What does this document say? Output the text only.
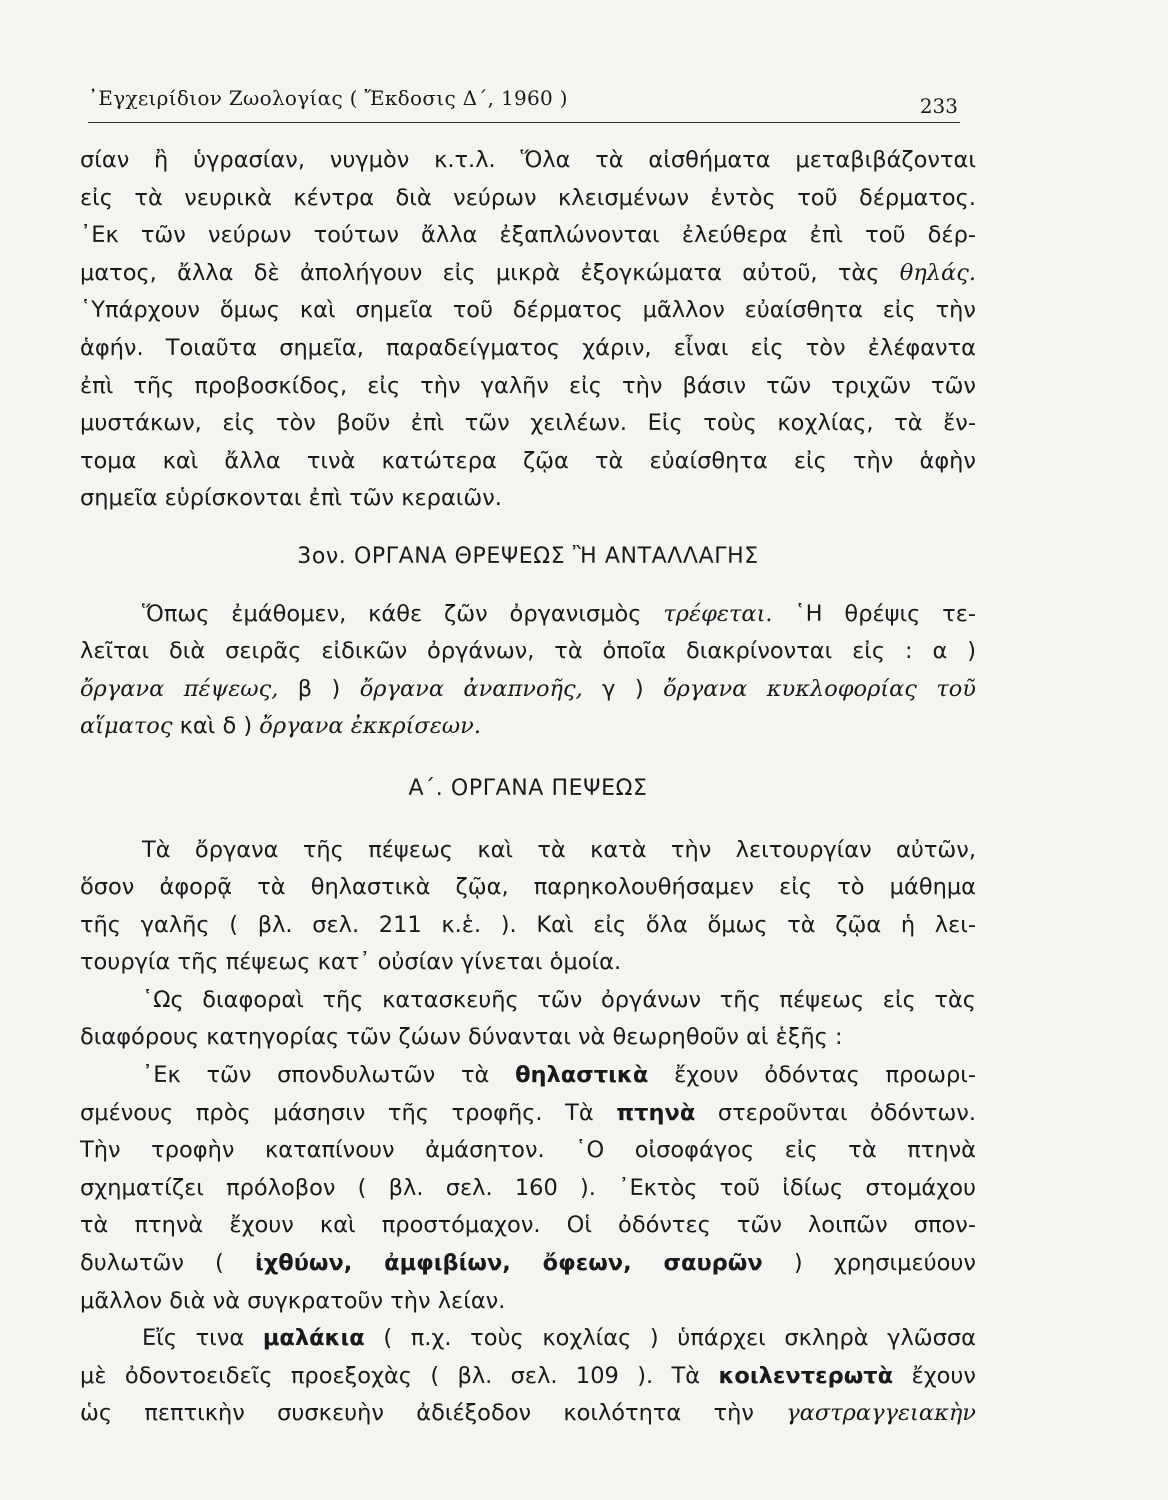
᾿Εγχειρίδιον Ζωολογίας ( Ἔκδοσις Δ΄, 1960 )	233
σίαν ἢ ὑγρασίαν, νυγμὸν κ.τ.λ. Ὅλα τὰ αἰσθήματα μεταβιβάζονται
εἰς τὰ νευρικὰ κέντρα διὰ νεύρων κλεισμένων ἐντὸς τοῦ δέρματος.
᾿Εκ τῶν νεύρων τούτων ἄλλα ἐξαπλώνονται ἐλεύθερα ἐπὶ τοῦ δέρ-
ματος, ἄλλα δὲ ἀπολήγουν εἰς μικρὰ ἐξογκώματα αὐτοῦ, τὰς θηλάς.
῾Υπάρχουν ὅμως καὶ σημεῖα τοῦ δέρματος μᾶλλον εὐαίσθητα εἰς τὴν
ἁφήν. Τοιαῦτα σημεῖα, παραδείγματος χάριν, εἶναι εἰς τὸν ἐλέφαντα
ἐπὶ τῆς προβοσκίδος, εἰς τὴν γαλῆν εἰς τὴν βάσιν τῶν τριχῶν τῶν
μυστάκων, εἰς τὸν βοῦν ἐπὶ τῶν χειλέων. Εἰς τοὺς κοχλίας, τὰ ἔν-
τομα καὶ ἄλλα τινὰ κατώτερα ζῷα τὰ εὐαίσθητα εἰς τὴν ἁφὴν
σημεῖα εὑρίσκονται ἐπὶ τῶν κεραιῶν.
3ον. ΟΡΓΑΝΑ ΘΡΕΨΕΩΣ Ἢ ΑΝΤΑΛΛΑΓΗΣ
Ὅπως ἐμάθομεν, κάθε ζῶν ὀργανισμὸς τρέφεται. ῾Η θρέψις τε-
λεῖται διὰ σειρᾶς εἰδικῶν ὀργάνων, τὰ ὁποῖα διακρίνονται εἰς : α )
ὄργανα πέψεως, β ) ὄργανα ἀναπνοῆς, γ ) ὄργανα κυκλοφορίας τοῦ
αἵματος καὶ δ ) ὄργανα ἐκκρίσεων.
Α΄. ΟΡΓΑΝΑ ΠΕΨΕΩΣ
Τὰ ὄργανα τῆς πέψεως καὶ τὰ κατὰ τὴν λειτουργίαν αὐτῶν,
ὅσον ἀφορᾷ τὰ θηλαστικὰ ζῷα, παρηκολουθήσαμεν εἰς τὸ μάθημα
τῆς γαλῆς ( βλ. σελ. 211 κ.ἑ. ). Καὶ εἰς ὅλα ὅμως τὰ ζῷα ἡ λει-
τουργία τῆς πέψεως κατ᾿ οὐσίαν γίνεται ὁμοία.
῾Ως διαφοραὶ τῆς κατασκευῆς τῶν ὀργάνων τῆς πέψεως εἰς τὰς
διαφόρους κατηγορίας τῶν ζώων δύνανται νὰ θεωρηθοῦν αἱ ἑξῆς :
᾿Εκ τῶν σπονδυλωτῶν τὰ θηλαστικὰ ἔχουν ὀδόντας προωρι-
σμένους πρὸς μάσησιν τῆς τροφῆς. Τὰ πτηνὰ στεροῦνται ὀδόντων.
Τὴν τροφὴν καταπίνουν ἀμάσητον. ῾Ο οἰσοφάγος εἰς τὰ πτηνὰ
σχηματίζει πρόλοβον ( βλ. σελ. 160 ). ᾿Εκτὸς τοῦ ἰδίως στομάχου
τὰ πτηνὰ ἔχουν καὶ προστόμαχον. Οἱ ὀδόντες τῶν λοιπῶν σπον-
δυλωτῶν ( ἰχθύων, ἀμφιβίων, ὄφεων, σαυρῶν ) χρησιμεύουν
μᾶλλον διὰ νὰ συγκρατοῦν τὴν λείαν.
Εἴς τινα μαλάκια ( π.χ. τοὺς κοχλίας ) ὑπάρχει σκληρὰ γλῶσσα
μὲ ὀδοντοειδεῖς προεξοχὰς ( βλ. σελ. 109 ). Τὰ κοιλεντερωτὰ ἔχουν
ὡς πεπτικὴν συσκευὴν ἀδιέξοδον κοιλότητα τὴν γαστραγγειακὴν
